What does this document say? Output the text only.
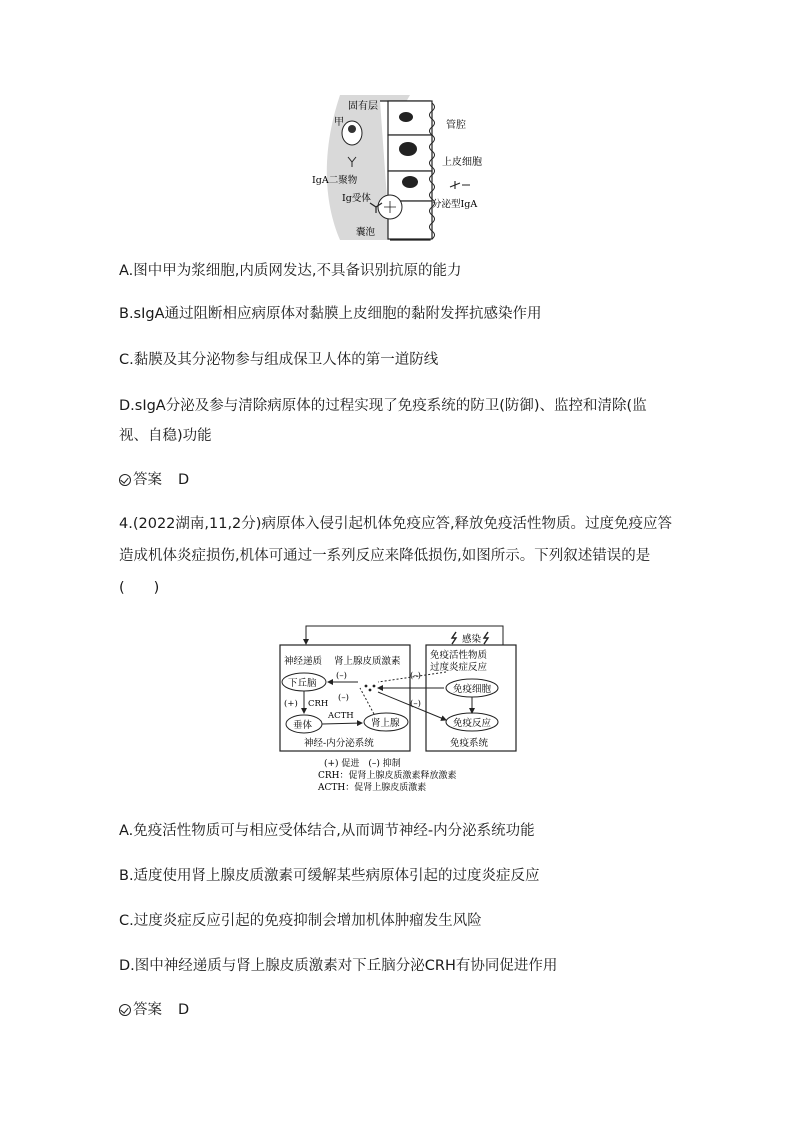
固有层
甲	管腔
上皮细胞
IgA二聚物
Ig受体
分泌型IgA
囊泡
A.图中甲为浆细胞,内质网发达,不具备识别抗原的能力
B.sIgA通过阻断相应病原体对黏膜上皮细胞的黏附发挥抗感染作用
C.黏膜及其分泌物参与组成保卫人体的第一道防线
D.sIgA分泌及参与清除病原体的过程实现了免疫系统的防卫(防御)、监控和清除(监
视、自稳)功能
答案 D
4.(2022湖南,11,2分)病原体入侵引起机体免疫应答,释放免疫活性物质。过度免疫应答造成机体炎症损伤,机体可通过一系列反应来降低损伤,如图所示。下列叙述错误的是(　　)
感染
免疫活性物质
过度炎症反应
神经递质 肾上腺皮质激素
下丘脑
垂体	肾上腺
免疫细胞
免疫反应
神经-内分泌系统	免疫系统
CRH
ACTH
(+)
(–)
(–)
(–)
(–)
(+) 促进　(–) 抑制
CRH：促肾上腺皮质激素释放激素
ACTH：促肾上腺皮质激素
A.免疫活性物质可与相应受体结合,从而调节神经-内分泌系统功能
B.适度使用肾上腺皮质激素可缓解某些病原体引起的过度炎症反应
C.过度炎症反应引起的免疫抑制会增加机体肿瘤发生风险
D.图中神经递质与肾上腺皮质激素对下丘脑分泌CRH有协同促进作用
答案 D
